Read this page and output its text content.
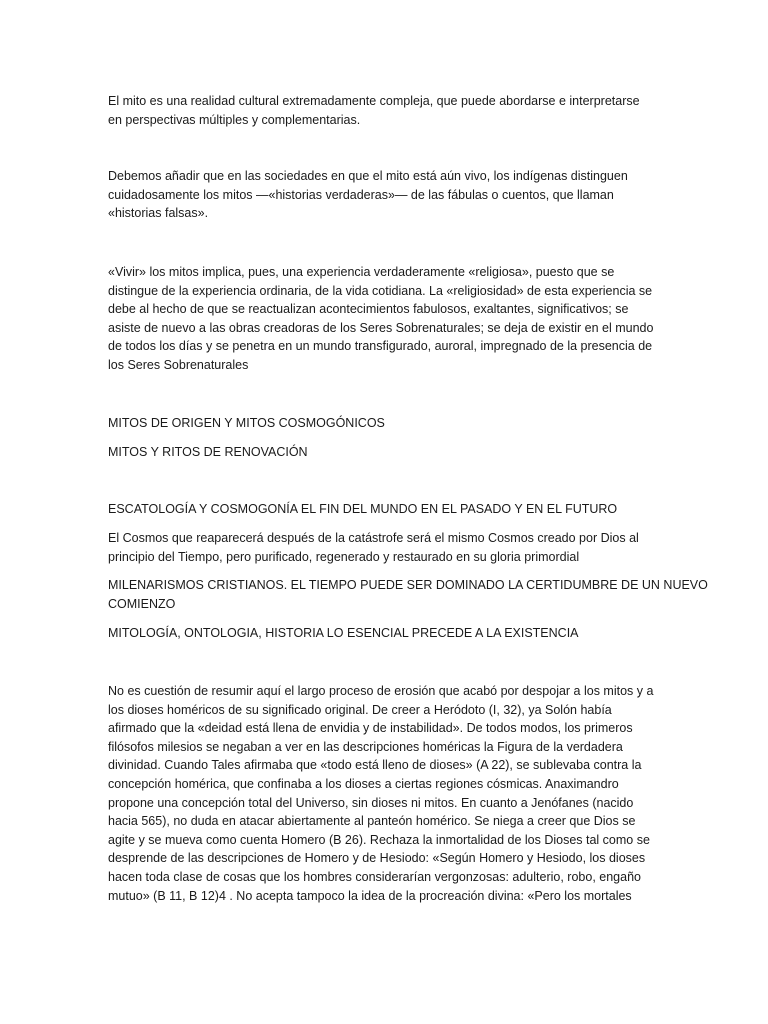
El mito es una realidad cultural extremadamente compleja, que puede abordarse e interpretarse
en perspectivas múltiples y complementarias.

Debemos añadir que en las sociedades en que el mito está aún vivo, los indígenas distinguen
cuidadosamente los mitos —«historias verdaderas»— de las fábulas o cuentos, que llaman
«historias falsas».

«Vivir» los mitos implica, pues, una experiencia verdaderamente «religiosa», puesto que se
distingue de la experiencia ordinaria, de la vida cotidiana. La «religiosidad» de esta experiencia se
debe al hecho de que se reactualizan acontecimientos fabulosos, exaltantes, significativos; se
asiste de nuevo a las obras creadoras de los Seres Sobrenaturales; se deja de existir en el mundo
de todos los días y se penetra en un mundo transfigurado, auroral, impregnado de la presencia de
los Seres Sobrenaturales

MITOS DE ORIGEN Y MITOS COSMOGÓNICOS

MITOS Y RITOS DE RENOVACIÓN

ESCATOLOGÍA Y COSMOGONÍA EL FIN DEL MUNDO EN EL PASADO Y EN EL FUTURO

El Cosmos que reaparecerá después de la catástrofe será el mismo Cosmos creado por Dios al
principio del Tiempo, pero purificado, regenerado y restaurado en su gloria primordial

MILENARISMOS CRISTIANOS. EL TIEMPO PUEDE SER DOMINADO LA CERTIDUMBRE DE UN NUEVO
COMIENZO

MITOLOGÍA, ONTOLOGIA, HISTORIA LO ESENCIAL PRECEDE A LA EXISTENCIA

No es cuestión de resumir aquí el largo proceso de erosión que acabó por despojar a los mitos y a
los dioses homéricos de su significado original. De creer a Heródoto (I, 32), ya Solón había
afirmado que la «deidad está llena de envidia y de instabilidad». De todos modos, los primeros
filósofos milesios se negaban a ver en las descripciones homéricas la Figura de la verdadera
divinidad. Cuando Tales afirmaba que «todo está lleno de dioses» (A 22), se sublevaba contra la
concepción homérica, que confinaba a los dioses a ciertas regiones cósmicas. Anaximandro
propone una concepción total del Universo, sin dioses ni mitos. En cuanto a Jenófanes (nacido
hacia 565), no duda en atacar abiertamente al panteón homérico. Se niega a creer que Dios se
agite y se mueva como cuenta Homero (B 26). Rechaza la inmortalidad de los Dioses tal como se
desprende de las descripciones de Homero y de Hesiodo: «Según Homero y Hesiodo, los dioses
hacen toda clase de cosas que los hombres considerarían vergonzosas: adulterio, robo, engaño
mutuo» (B 11, B 12)4 . No acepta tampoco la idea de la procreación divina: «Pero los mortales
